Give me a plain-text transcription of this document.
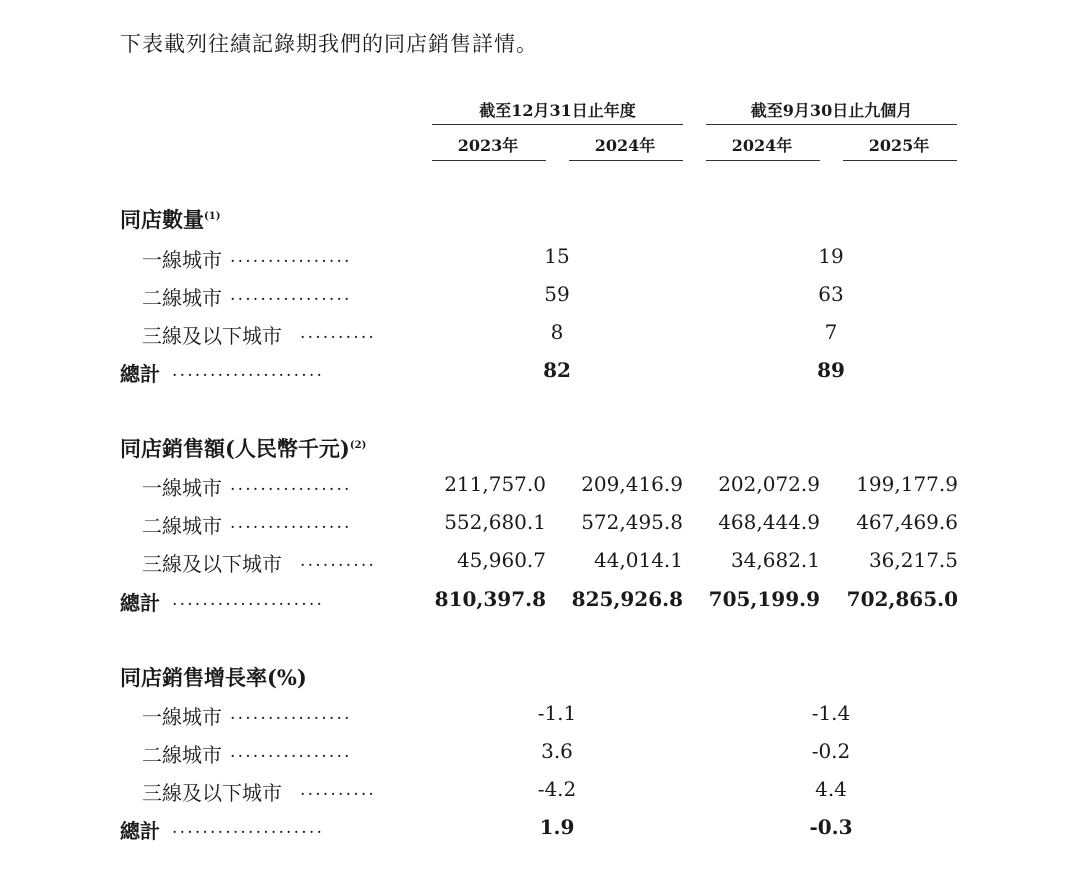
下表載列往績記錄期我們的同店銷售詳情。
截至12月31日止年度	截至9月30日止九個月
2023年	2024年	2024年	2025年
同店數量$^{(1)}$
一線城市 ................	15	19
二線城市 ................	59	63
三線及以下城市 ..........	8	7
總計 ....................	82	89
同店銷售額(人民幣千元)$^{(2)}$
一線城市 ................	211,757.0	209,416.9	202,072.9	199,177.9
二線城市 ................	552,680.1	572,495.8	468,444.9	467,469.6
三線及以下城市 ..........	45,960.7	44,014.1	34,682.1	36,217.5
總計 ....................	810,397.8	825,926.8	705,199.9	702,865.0
同店銷售增長率(%)
一線城市 ................	-1.1	-1.4
二線城市 ................	3.6	-0.2
三線及以下城市 ..........	-4.2	4.4
總計 ....................	1.9	-0.3
